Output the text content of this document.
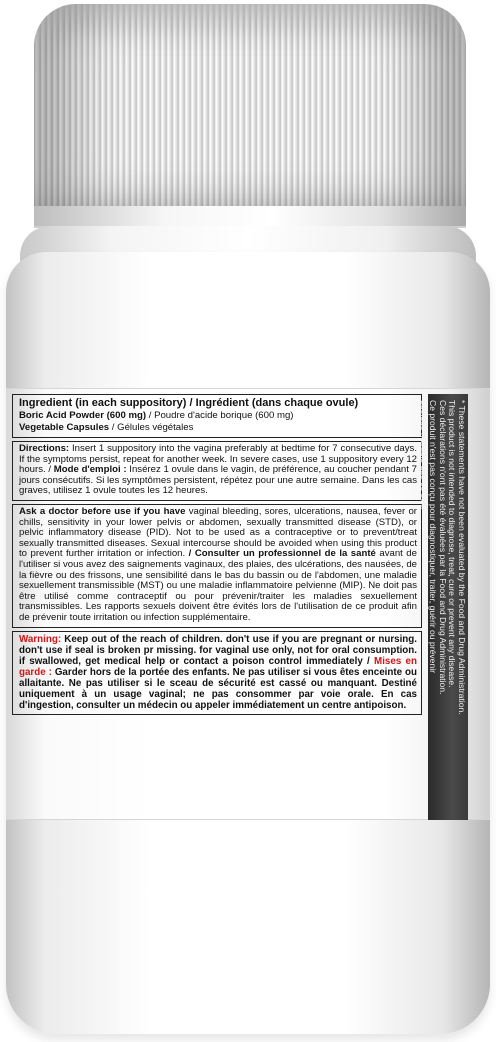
Ingredient (in each suppository) / Ingrédient (dans chaque ovule)

Boric Acid Powder (600 mg) / Poudre d'acide borique (600 mg)

Vegetable Capsules / Gélules végétales

Directions: Insert 1 suppository into the vagina preferably at bedtime for 7 consecutive days. If the symptoms persist, repeat for another week. In severe cases, use 1 suppository every 12 hours. / Mode d'emploi : Insérez 1 ovule dans le vagin, de préférence, au coucher pendant 7 jours consécutifs. Si les symptômes persistent, répétez pour une autre semaine. Dans les cas graves, utilisez 1 ovule toutes les 12 heures.

Ask a doctor before use if you have vaginal bleeding, sores, ulcerations, nausea, fever or chills, sensitivity in your lower pelvis or abdomen, sexually transmitted disease (STD), or pelvic inflammatory disease (PID). Not to be used as a contraceptive or to prevent/treat sexually transmitted diseases. Sexual intercourse should be avoided when using this product to prevent further irritation or infection. / Consulter un professionnel de la santé avant de l'utiliser si vous avez des saignements vaginaux, des plaies, des ulcérations, des nausées, de la fièvre ou des frissons, une sensibilité dans le bas du bassin ou de l'abdomen, une maladie sexuellement transmissible (MST) ou une maladie inflammatoire pelvienne (MIP). Ne doit pas être utilisé comme contraceptif ou pour prévenir/traiter les maladies sexuellement transmissibles. Les rapports sexuels doivent être évités lors de l'utilisation de ce produit afin de prévenir toute irritation ou infection supplémentaire.

Warning: Keep out of the reach of children. don't use if you are pregnant or nursing. don't use if seal is broken pr missing. for vaginal use only, not for oral consumption. if swallowed, get medical help or contact a poison control immediately / Mises en garde : Garder hors de la portée des enfants. Ne pas utiliser si vous êtes enceinte ou allaitante. Ne pas utiliser si le sceau de sécurité est cassé ou manquant. Destiné uniquement à un usage vaginal; ne pas consommer par voie orale. En cas d'ingestion, consulter un médecin ou appeler immédiatement un centre antipoison.	* These statements have not been evaluated by the Food and Drug Administration.
This product is not intended to diagnose, treat, cure or prevent any disease.
Ces déclarations n'ont pas été évaluées par la Food and Drug Administration.
Ce produit n'est pas conçu pour diagnostiquer, traiter, guérir ou prévenir
quelque maladie que ce soit.
